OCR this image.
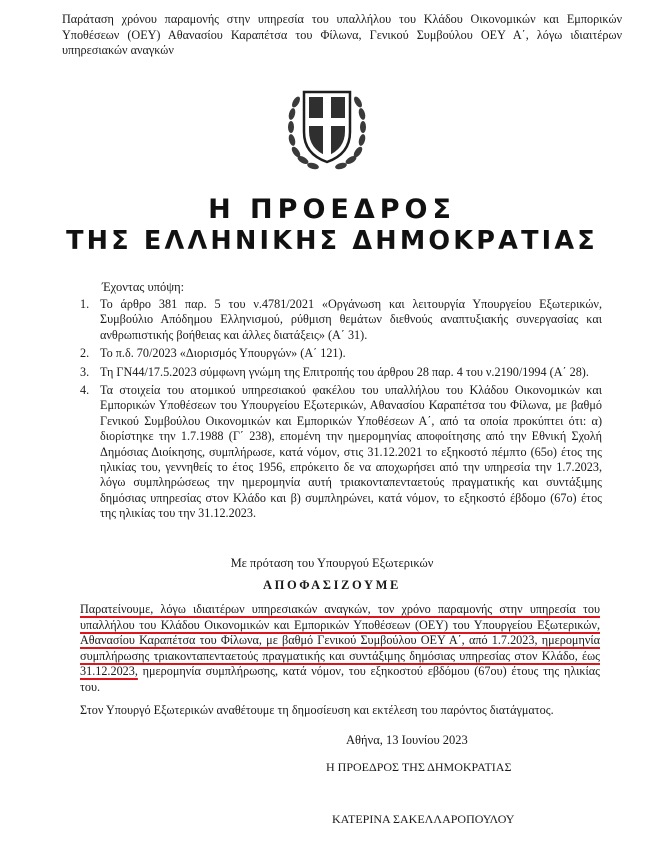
Παράταση χρόνου παραμονής στην υπηρεσία του υπαλλήλου του Κλάδου Οικονομικών και Εμπορικών Υποθέσεων (ΟΕΥ) Αθανασίου Καραπέτσα του Φίλωνα, Γενικού Συμβούλου ΟΕΥ Α΄, λόγω ιδιαιτέρων υπηρεσιακών αναγκών
Η ΠΡΟΕΔΡΟΣ
ΤΗΣ ΕΛΛΗΝΙΚΗΣ ΔΗΜΟΚΡΑΤΙΑΣ
Έχοντας υπόψη:
1. Το άρθρο 381 παρ. 5 του ν.4781/2021 «Οργάνωση και λειτουργία Υπουργείου Εξωτερικών, Συμβούλιο Απόδημου Ελληνισμού, ρύθμιση θεμάτων διεθνούς αναπτυξιακής συνεργασίας και ανθρωπιστικής βοήθειας και άλλες διατάξεις» (Α΄ 31).
2. Το π.δ. 70/2023 «Διορισμός Υπουργών» (Α΄ 121).
3. Τη ΓΝ44/17.5.2023 σύμφωνη γνώμη της Επιτροπής του άρθρου 28 παρ. 4 του ν.2190/1994 (Α΄ 28).
4. Τα στοιχεία του ατομικού υπηρεσιακού φακέλου του υπαλλήλου του Κλάδου Οικονομικών και Εμπορικών Υποθέσεων του Υπουργείου Εξωτερικών, Αθανασίου Καραπέτσα του Φίλωνα, με βαθμό Γενικού Συμβούλου Οικονομικών και Εμπορικών Υποθέσεων Α΄, από τα οποία προκύπτει ότι: α) διορίστηκε την 1.7.1988 (Γ΄ 238), επομένη την ημερομηνίας αποφοίτησης από την Εθνική Σχολή Δημόσιας Διοίκησης, συμπλήρωσε, κατά νόμον, στις 31.12.2021 το εξηκοστό πέμπτο (65ο) έτος της ηλικίας του, γεννηθείς το έτος 1956, επρόκειτο δε να αποχωρήσει από την υπηρεσία την 1.7.2023, λόγω συμπληρώσεως την ημερομηνία αυτή τριακονταπενταετούς πραγματικής και συντάξιμης δημόσιας υπηρεσίας στον Κλάδο και β) συμπληρώνει, κατά νόμον, το εξηκοστό έβδομο (67ο) έτος της ηλικίας του την 31.12.2023.
Με πρόταση του Υπουργού Εξωτερικών
ΑΠΟΦΑΣΙΖΟΥΜΕ
Παρατείνουμε, λόγω ιδιαιτέρων υπηρεσιακών αναγκών, τον χρόνο παραμονής στην υπηρεσία του υπαλλήλου του Κλάδου Οικονομικών και Εμπορικών Υποθέσεων (ΟΕΥ) του Υπουργείου Εξωτερικών, Αθανασίου Καραπέτσα του Φίλωνα, με βαθμό Γενικού Συμβούλου ΟΕΥ Α΄, από 1.7.2023, ημερομηνία συμπλήρωσης τριακονταπενταετούς πραγματικής και συντάξιμης δημόσιας υπηρεσίας στον Κλάδο, έως 31.12.2023, ημερομηνία συμπλήρωσης, κατά νόμον, του εξηκοστού εβδόμου (67ου) έτους της ηλικίας του.
Στον Υπουργό Εξωτερικών αναθέτουμε τη δημοσίευση και εκτέλεση του παρόντος διατάγματος.
Αθήνα, 13 Ιουνίου 2023
Η ΠΡΟΕΔΡΟΣ ΤΗΣ ΔΗΜΟΚΡΑΤΙΑΣ
ΚΑΤΕΡΙΝΑ ΣΑΚΕΛΛΑΡΟΠΟΥΛΟΥ
